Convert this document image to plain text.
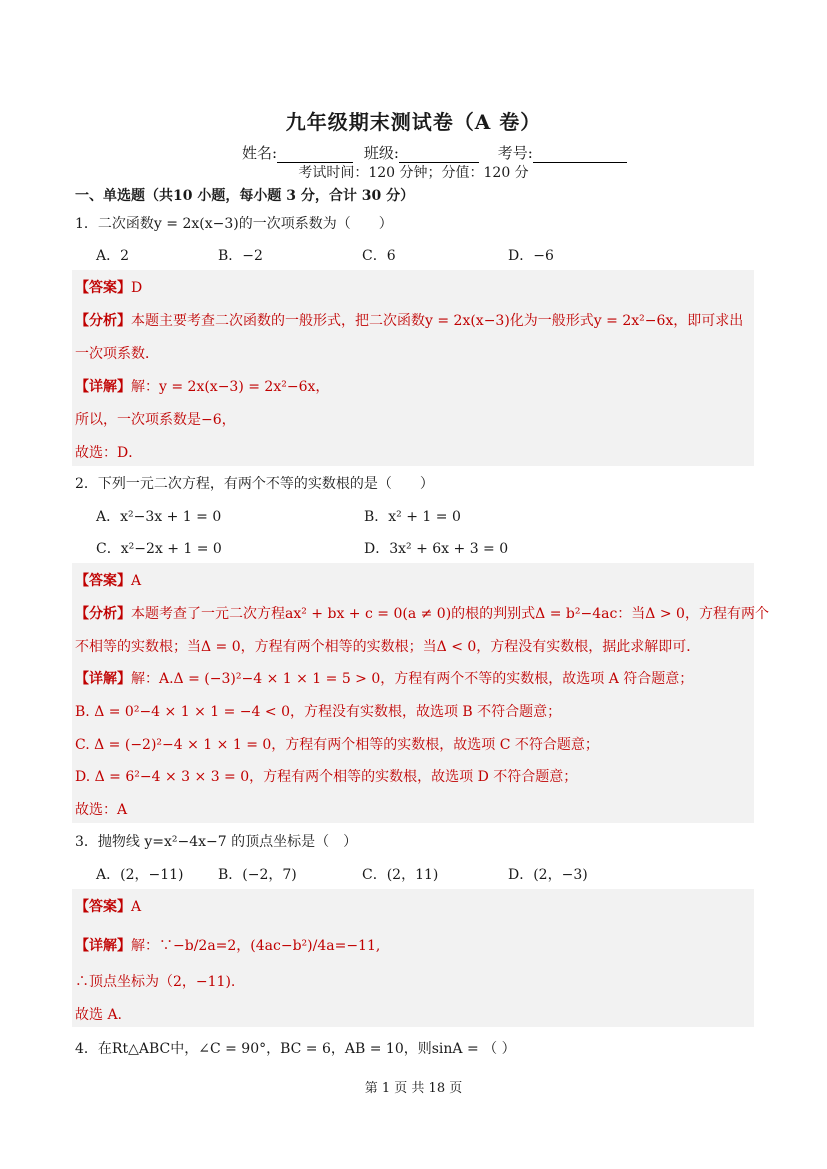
九年级期末测试卷（A 卷）
姓名:	班级:	考号:
考试时间：120 分钟；分值：120 分
一、单选题（共10 小题，每小题 3 分，合计 30 分）
1．二次函数y = 2x(x−3)的一次项系数为（　　）
A．2	B．−2	C．6	D．−6
【答案】D
【分析】本题主要考查二次函数的一般形式，把二次函数y = 2x(x−3)化为一般形式y = 2x²−6x，即可求出
一次项系数．
【详解】解：y = 2x(x−3) = 2x²−6x，
所以，一次项系数是−6，
故选：D．
2．下列一元二次方程，有两个不等的实数根的是（　　）
A．x²−3x + 1 = 0	B．x² + 1 = 0
C．x²−2x + 1 = 0	D．3x² + 6x + 3 = 0
【答案】A
【分析】本题考查了一元二次方程ax² + bx + c = 0(a ≠ 0)的根的判别式Δ = b²−4ac：当Δ > 0，方程有两个
不相等的实数根；当Δ = 0，方程有两个相等的实数根；当Δ < 0，方程没有实数根，据此求解即可．
【详解】解：A.Δ = (−3)²−4 × 1 × 1 = 5 > 0，方程有两个不等的实数根，故选项 A 符合题意；
B. Δ = 0²−4 × 1 × 1 = −4 < 0，方程没有实数根，故选项 B 不符合题意；
C. Δ = (−2)²−4 × 1 × 1 = 0，方程有两个相等的实数根，故选项 C 不符合题意；
D. Δ = 6²−4 × 3 × 3 = 0，方程有两个相等的实数根，故选项 D 不符合题意；
故选：A
3．抛物线 y=x²−4x−7 的顶点坐标是（　）
A．(2，−11) B．(−2，7)	C．(2，11)	D．(2，−3)
【答案】A
【详解】解：∵−b/2a=2，(4ac−b²)/4a=−11,
∴顶点坐标为（2，−11).
故选 A.
4．在Rt△ABC中，∠C = 90°，BC = 6，AB = 10，则sinA = （ ）
第 1 页 共 18 页
